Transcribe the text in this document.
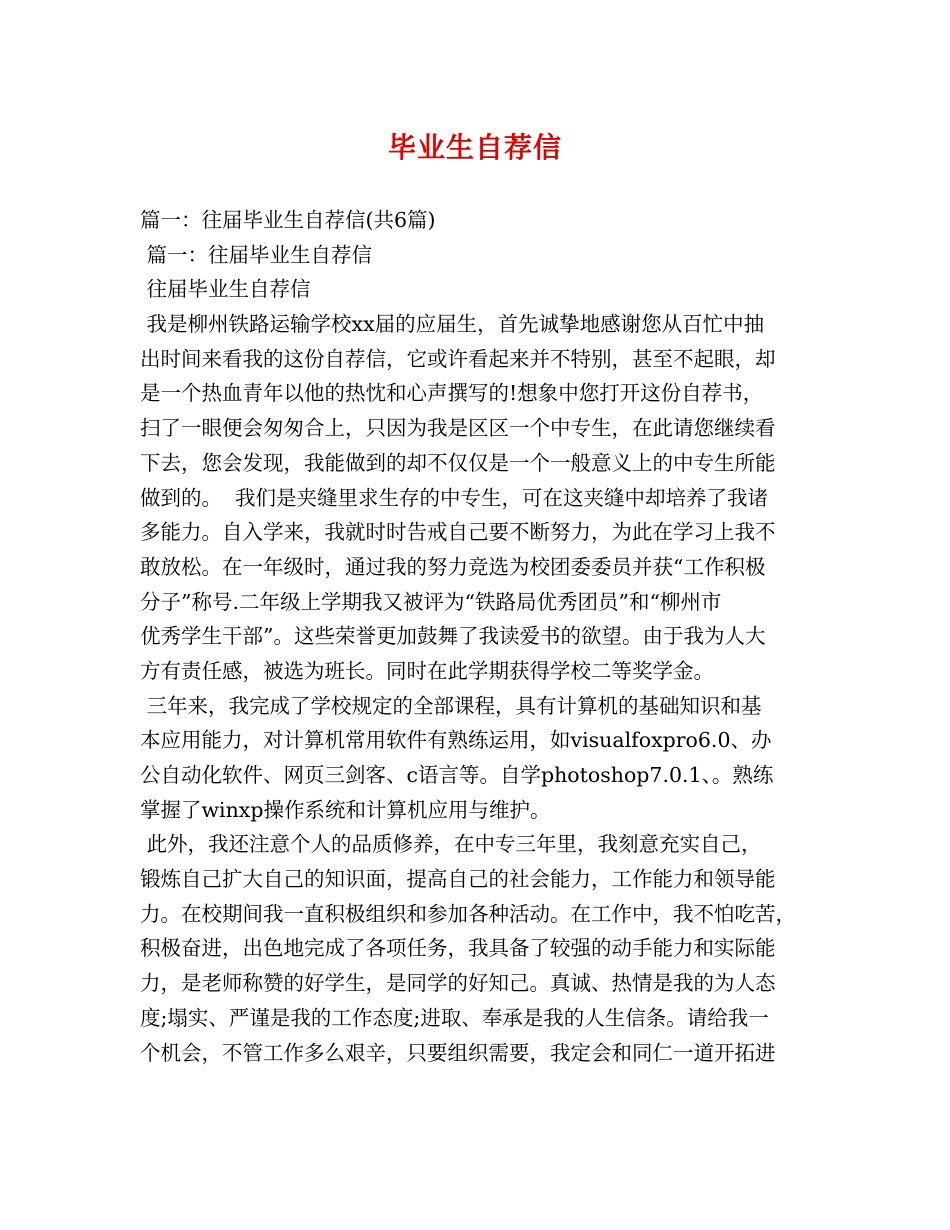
毕业生自荐信
篇一：往届毕业生自荐信(共6篇)
篇一：往届毕业生自荐信
往届毕业生自荐信
我是柳州铁路运输学校xx届的应届生，首先诚挚地感谢您从百忙中抽
出时间来看我的这份自荐信，它或许看起来并不特别，甚至不起眼，却
是一个热血青年以他的热忱和心声撰写的!想象中您打开这份自荐书，
扫了一眼便会匆匆合上，只因为我是区区一个中专生，在此请您继续看
下去，您会发现，我能做到的却不仅仅是一个一般意义上的中专生所能
做到的。  我们是夹缝里求生存的中专生，可在这夹缝中却培养了我诸
多能力。自入学来，我就时时告戒自己要不断努力，为此在学习上我不
敢放松。在一年级时，通过我的努力竞选为校团委委员并获“工作积极
分子”称号.二年级上学期我又被评为“铁路局优秀团员”和“柳州市
优秀学生干部”。这些荣誉更加鼓舞了我读爱书的欲望。由于我为人大
方有责任感，被选为班长。同时在此学期获得学校二等奖学金。
三年来，我完成了学校规定的全部课程，具有计算机的基础知识和基
本应用能力，对计算机常用软件有熟练运用，如visualfoxpro6.0、办
公自动化软件、网页三剑客、c语言等。自学photoshop7.0.1、。熟练
掌握了winxp操作系统和计算机应用与维护。
此外，我还注意个人的品质修养，在中专三年里，我刻意充实自己，
锻炼自己扩大自己的知识面，提高自己的社会能力，工作能力和领导能
力。在校期间我一直积极组织和参加各种活动。在工作中，我不怕吃苦，
积极奋进，出色地完成了各项任务，我具备了较强的动手能力和实际能
力，是老师称赞的好学生，是同学的好知己。真诚、热情是我的为人态
度;塌实、严谨是我的工作态度;进取、奉承是我的人生信条。请给我一
个机会，不管工作多么艰辛，只要组织需要，我定会和同仁一道开拓进
